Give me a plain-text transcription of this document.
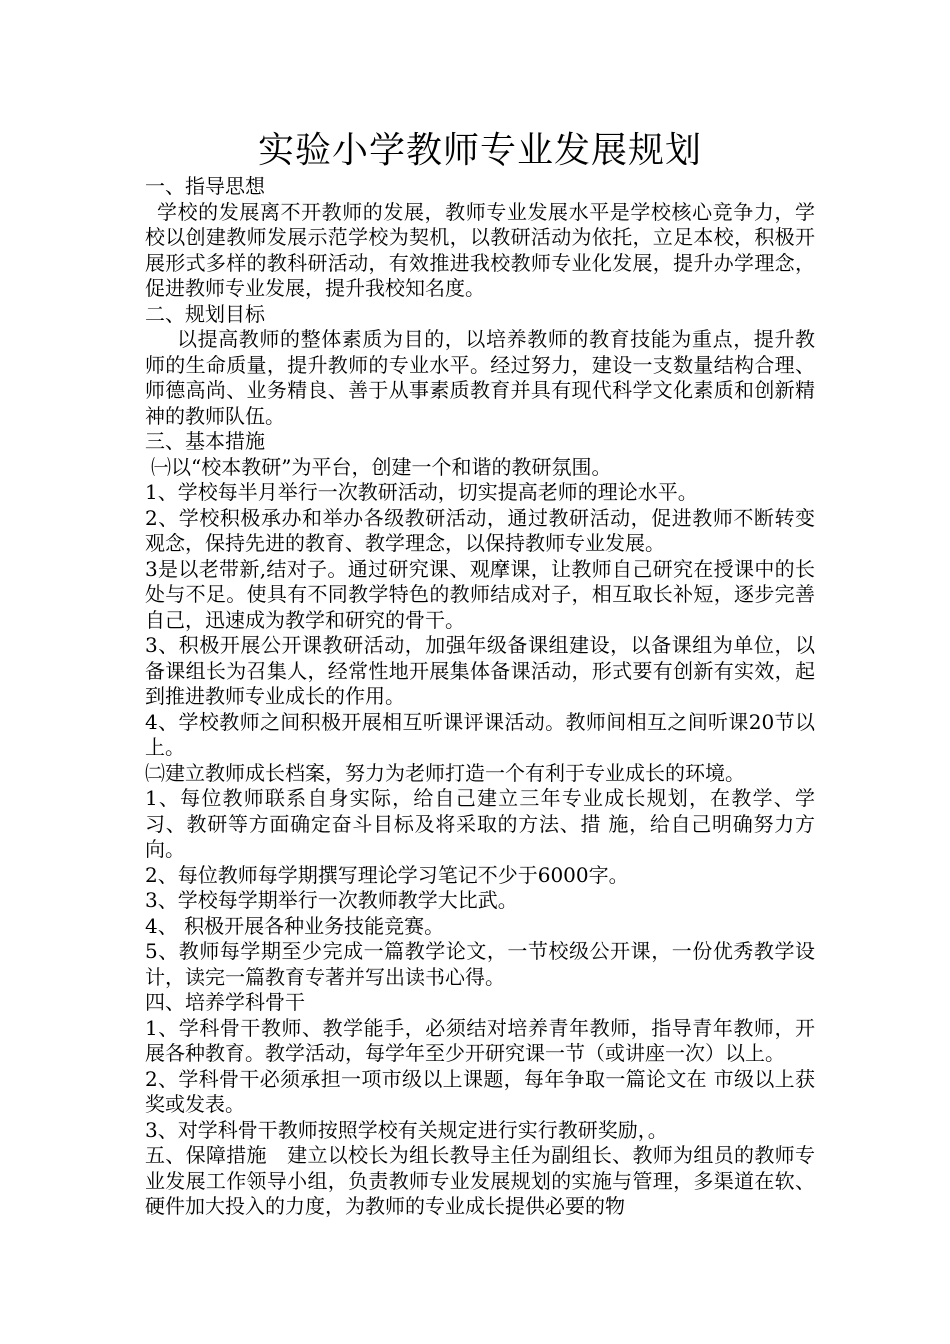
实验小学教师专业发展规划

一、指导思想

学校的发展离不开教师的发展，教师专业发展水平是学校核心竞争力，学校以创建教师发展示范学校为契机，以教研活动为依托，立足本校，积极开展形式多样的教科研活动，有效推进我校教师专业化发展，提升办学理念，促进教师专业发展，提升我校知名度。

二、规划目标

以提高教师的整体素质为目的，以培养教师的教育技能为重点，提升教师的生命质量，提升教师的专业水平。经过努力，建设一支数量结构合理、师德高尚、业务精良、善于从事素质教育并具有现代科学文化素质和创新精神的教师队伍。

三、基本措施

㈠以“校本教研”为平台，创建一个和谐的教研氛围。

1、学校每半月举行一次教研活动，切实提高老师的理论水平。

2、学校积极承办和举办各级教研活动，通过教研活动，促进教师不断转变观念，保持先进的教育、教学理念，以保持教师专业发展。

3是以老带新,结对子。通过研究课、观摩课，让教师自己研究在授课中的长处与不足。使具有不同教学特色的教师结成对子，相互取长补短，逐步完善自己，迅速成为教学和研究的骨干。

3、积极开展公开课教研活动，加强年级备课组建设，以备课组为单位，以备课组长为召集人，经常性地开展集体备课活动，形式要有创新有实效，起到推进教师专业成长的作用。

4、学校教师之间积极开展相互听课评课活动。教师间相互之间听课20节以上。

㈡建立教师成长档案，努力为老师打造一个有利于专业成长的环境。

1、每位教师联系自身实际，给自己建立三年专业成长规划，在教学、学习、教研等方面确定奋斗目标及将采取的方法、措 施，给自己明确努力方向。

2、每位教师每学期撰写理论学习笔记不少于6000字。

3、学校每学期举行一次教师教学大比武。

4、 积极开展各种业务技能竞赛。

5、教师每学期至少完成一篇教学论文，一节校级公开课，一份优秀教学设计，读完一篇教育专著并写出读书心得。

四、培养学科骨干

1、学科骨干教师、教学能手，必须结对培养青年教师，指导青年教师，开展各种教育。教学活动，每学年至少开研究课一节（或讲座一次）以上。

2、学科骨干必须承担一项市级以上课题，每年争取一篇论文在 市级以上获奖或发表。

3、对学科骨干教师按照学校有关规定进行实行教研奖励，。

五、保障措施　建立以校长为组长教导主任为副组长、教师为组员的教师专业发展工作领导小组，负责教师专业发展规划的实施与管理，多渠道在软、硬件加大投入的力度，为教师的专业成长提供必要的物
